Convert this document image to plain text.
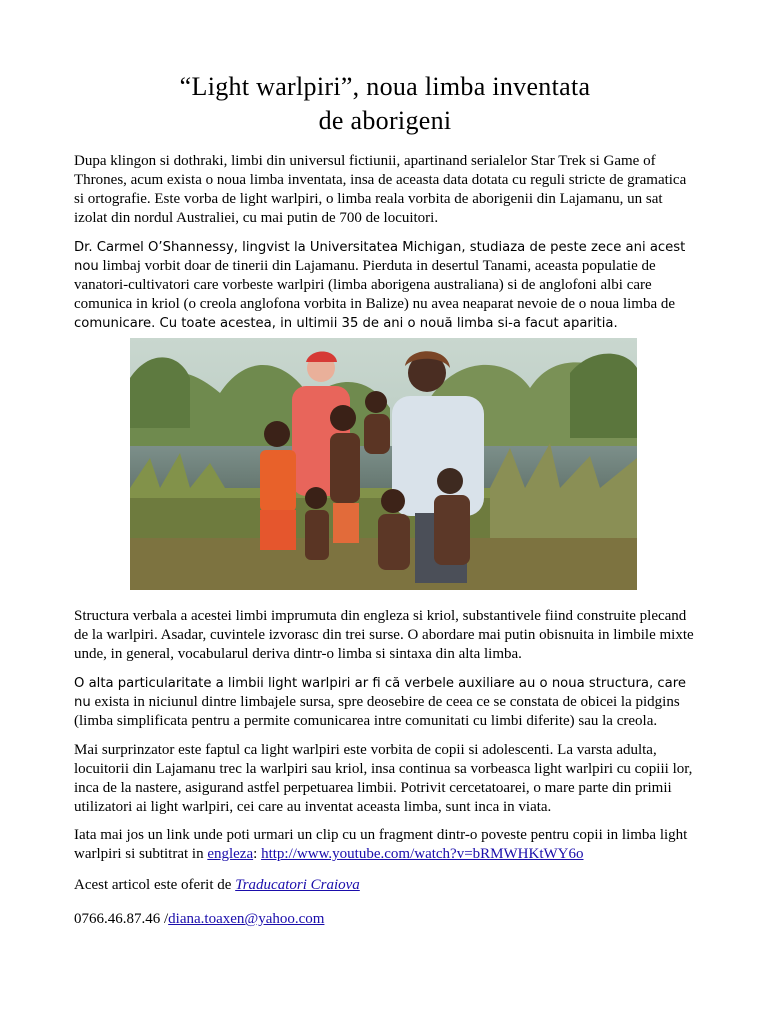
“Light warlpiri”, noua limba inventata
de aborigeni

Dupa klingon si dothraki, limbi din universul fictiunii, apartinand serialelor Star Trek si Game of Thrones, acum exista o noua limba inventata, insa de aceasta data dotata cu reguli stricte de gramatica si ortografie. Este vorba de light warlpiri, o limba reala vorbita de aborigenii din Lajamanu, un sat izolat din nordul Australiei, cu mai putin de 700 de locuitori.

Dr. Carmel O’Shannessy, lingvist la Universitatea Michigan, studiaza de peste zece ani acest nou limbaj vorbit doar de tinerii din Lajamanu. Pierduta in desertul Tanami, aceasta populatie de vanatori-cultivatori care vorbeste warlpiri (limba aborigena australiana) si de anglofoni albi care comunica in kriol (o creola anglofona vorbita in Balize) nu avea neaparat nevoie de o noua limba de comunicare. Cu toate acestea, in ultimii 35 de ani o nouă limba si-a facut aparitia.

Structura verbala a acestei limbi imprumuta din engleza si kriol, substantivele fiind construite plecand de la warlpiri. Asadar, cuvintele izvorasc din trei surse. O abordare mai putin obisnuita in limbile mixte unde, in general, vocabularul deriva dintr-o limba si sintaxa din alta limba.

O alta particularitate a limbii light warlpiri ar fi că verbele auxiliare au o noua structura, care nu exista in niciunul dintre limbajele sursa, spre deosebire de ceea ce se constata de obicei la pidgins (limba simplificata pentru a permite comunicarea intre comunitati cu limbi diferite) sau la creola.

Mai surprinzator este faptul ca light warlpiri este vorbita de copii si adolescenti. La varsta adulta, locuitorii din Lajamanu trec la warlpiri sau kriol, insa continua sa vorbeasca light warlpiri cu copiii lor, inca de la nastere, asigurand astfel perpetuarea limbii. Potrivit cercetatoarei, o mare parte din primii utilizatori ai light warlpiri, cei care au inventat aceasta limba, sunt inca in viata.

Iata mai jos un link unde poti urmari un clip cu un fragment dintr-o poveste pentru copii in limba light warlpiri si subtitrat in engleza: http://www.youtube.com/watch?v=bRMWHKtWY6o

Acest articol este oferit de Traducatori Craiova

0766.46.87.46 /diana.toaxen@yahoo.com
